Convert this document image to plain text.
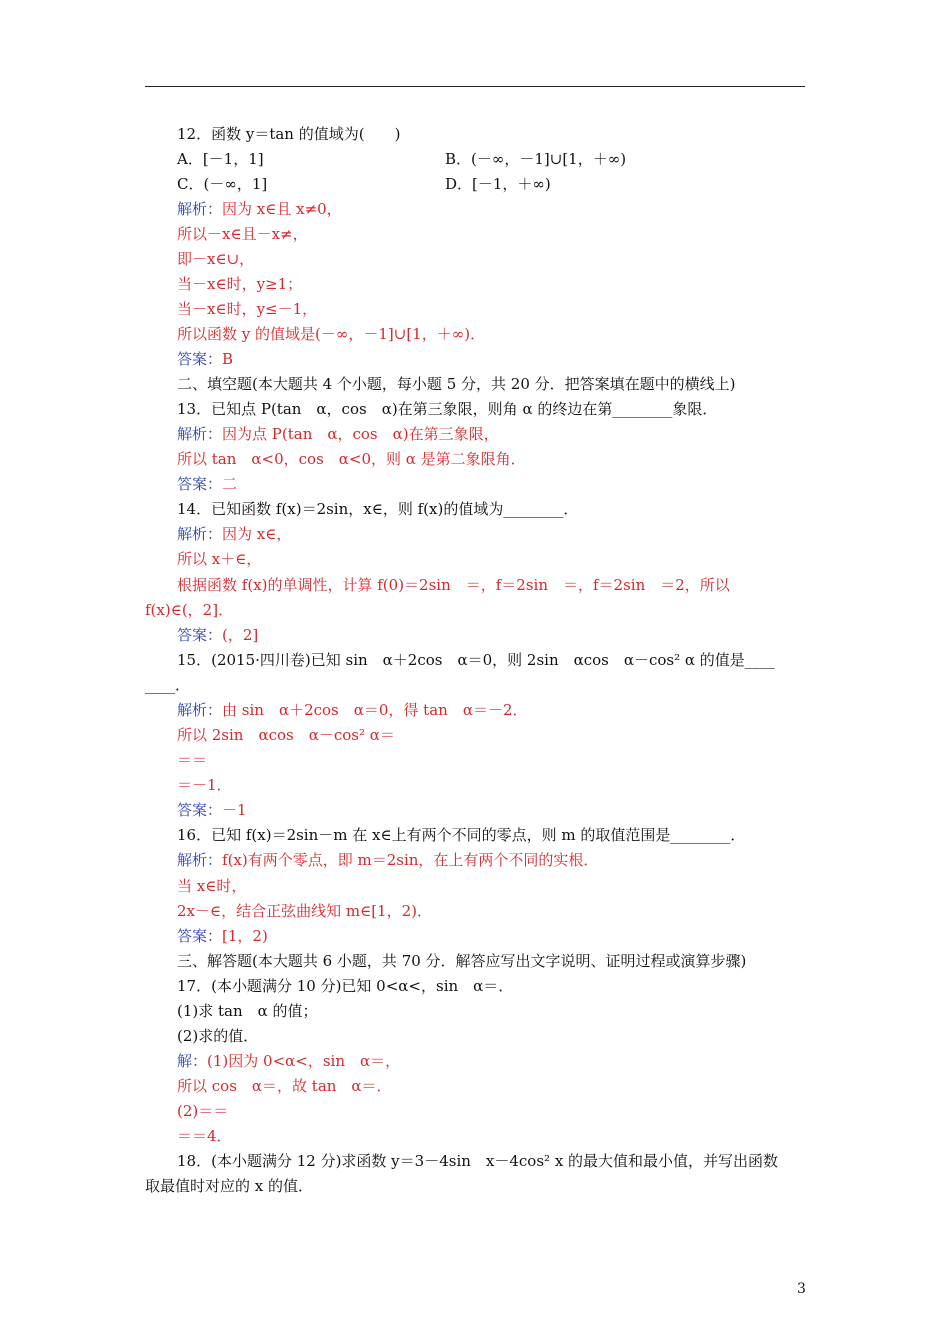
12．函数 y＝tan 的值域为(　　)
A．[－1，1]	B．(－∞，－1]∪[1，＋∞)
C．(－∞，1]	D．[－1，＋∞)
解析：因为 x∈且 x≠0，
所以－x∈且－x≠，
即－x∈∪，
当－x∈时，y≥1；
当－x∈时，y≤－1，
所以函数 y 的值域是(－∞，－1]∪[1，＋∞)．
答案：B
二、填空题(本大题共 4 个小题，每小题 5 分，共 20 分．把答案填在题中的横线上)
13．已知点 P(tan　α，cos　α)在第三象限，则角 α 的终边在第________象限．
解析：因为点 P(tan　α，cos　α)在第三象限，
所以 tan　α<0，cos　α<0，则 α 是第二象限角．
答案：二
14．已知函数 f(x)＝2sin，x∈，则 f(x)的值域为________．
解析：因为 x∈，
所以 x＋∈，
根据函数 f(x)的单调性，计算 f(0)＝2sin　＝，f＝2sin　＝，f＝2sin　＝2，所以
f(x)∈(，2]．
答案：(，2]
15．(2015·四川卷)已知 sin　α＋2cos　α＝0，则 2sin　αcos　α－cos² α 的值是____
____．
解析：由 sin　α＋2cos　α＝0，得 tan　α＝－2．
所以 2sin　αcos　α－cos² α＝
＝＝
＝－1．
答案：－1
16．已知 f(x)＝2sin－m 在 x∈上有两个不同的零点，则 m 的取值范围是________．
解析：f(x)有两个零点，即 m＝2sin，在上有两个不同的实根．
当 x∈时，
2x－∈，结合正弦曲线知 m∈[1，2)．
答案：[1，2)
三、解答题(本大题共 6 小题，共 70 分．解答应写出文字说明、证明过程或演算步骤)
17．(本小题满分 10 分)已知 0<α<，sin　α＝．
(1)求 tan　α 的值；
(2)求的值．
解：(1)因为 0<α<，sin　α＝，
所以 cos　α＝，故 tan　α＝．
(2)＝＝
＝＝4．
18．(本小题满分 12 分)求函数 y＝3－4sin　x－4cos² x 的最大值和最小值，并写出函数
取最值时对应的 x 的值．
3
